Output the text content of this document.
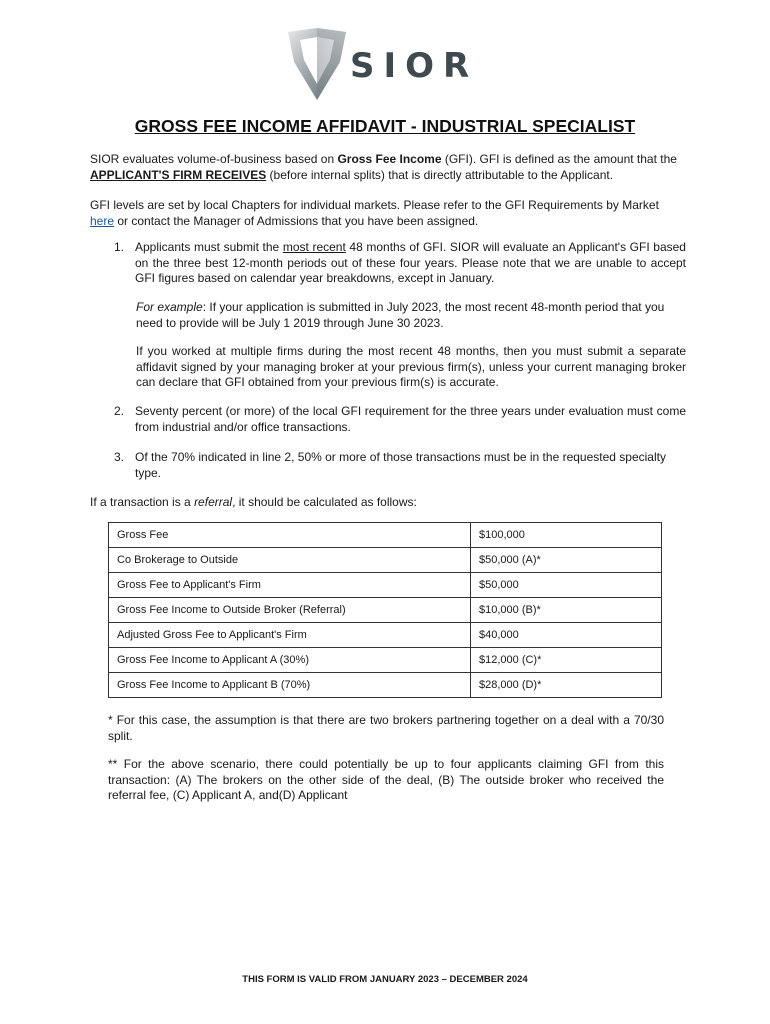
SIOR
GROSS FEE INCOME AFFIDAVIT - INDUSTRIAL SPECIALIST
SIOR evaluates volume-of-business based on Gross Fee Income (GFI). GFI is defined as the amount that the APPLICANT'S FIRM RECEIVES (before internal splits) that is directly attributable to the Applicant.
GFI levels are set by local Chapters for individual markets. Please refer to the GFI Requirements by Market here or contact the Manager of Admissions that you have been assigned.
1. Applicants must submit the most recent 48 months of GFI. SIOR will evaluate an Applicant's GFI based on the three best 12-month periods out of these four years. Please note that we are unable to accept GFI figures based on calendar year breakdowns, except in January.
For example: If your application is submitted in July 2023, the most recent 48-month period that you need to provide will be July 1 2019 through June 30 2023.
If you worked at multiple firms during the most recent 48 months, then you must submit a separate affidavit signed by your managing broker at your previous firm(s), unless your current managing broker can declare that GFI obtained from your previous firm(s) is accurate.
2. Seventy percent (or more) of the local GFI requirement for the three years under evaluation must come from industrial and/or office transactions.
3. Of the 70% indicated in line 2, 50% or more of those transactions must be in the requested specialty type.
If a transaction is a referral, it should be calculated as follows:
Gross Fee	$100,000
Co Brokerage to Outside	$50,000 (A)*
Gross Fee to Applicant's Firm	$50,000
Gross Fee Income to Outside Broker (Referral)	$10,000 (B)*
Adjusted Gross Fee to Applicant's Firm	$40,000
Gross Fee Income to Applicant A (30%)	$12,000 (C)*
Gross Fee Income to Applicant B (70%)	$28,000 (D)*
* For this case, the assumption is that there are two brokers partnering together on a deal with a 70/30 split.
** For the above scenario, there could potentially be up to four applicants claiming GFI from this transaction: (A) The brokers on the other side of the deal, (B) The outside broker who received the referral fee, (C) Applicant A, and(D) Applicant
THIS FORM IS VALID FROM JANUARY 2023 – DECEMBER 2024
